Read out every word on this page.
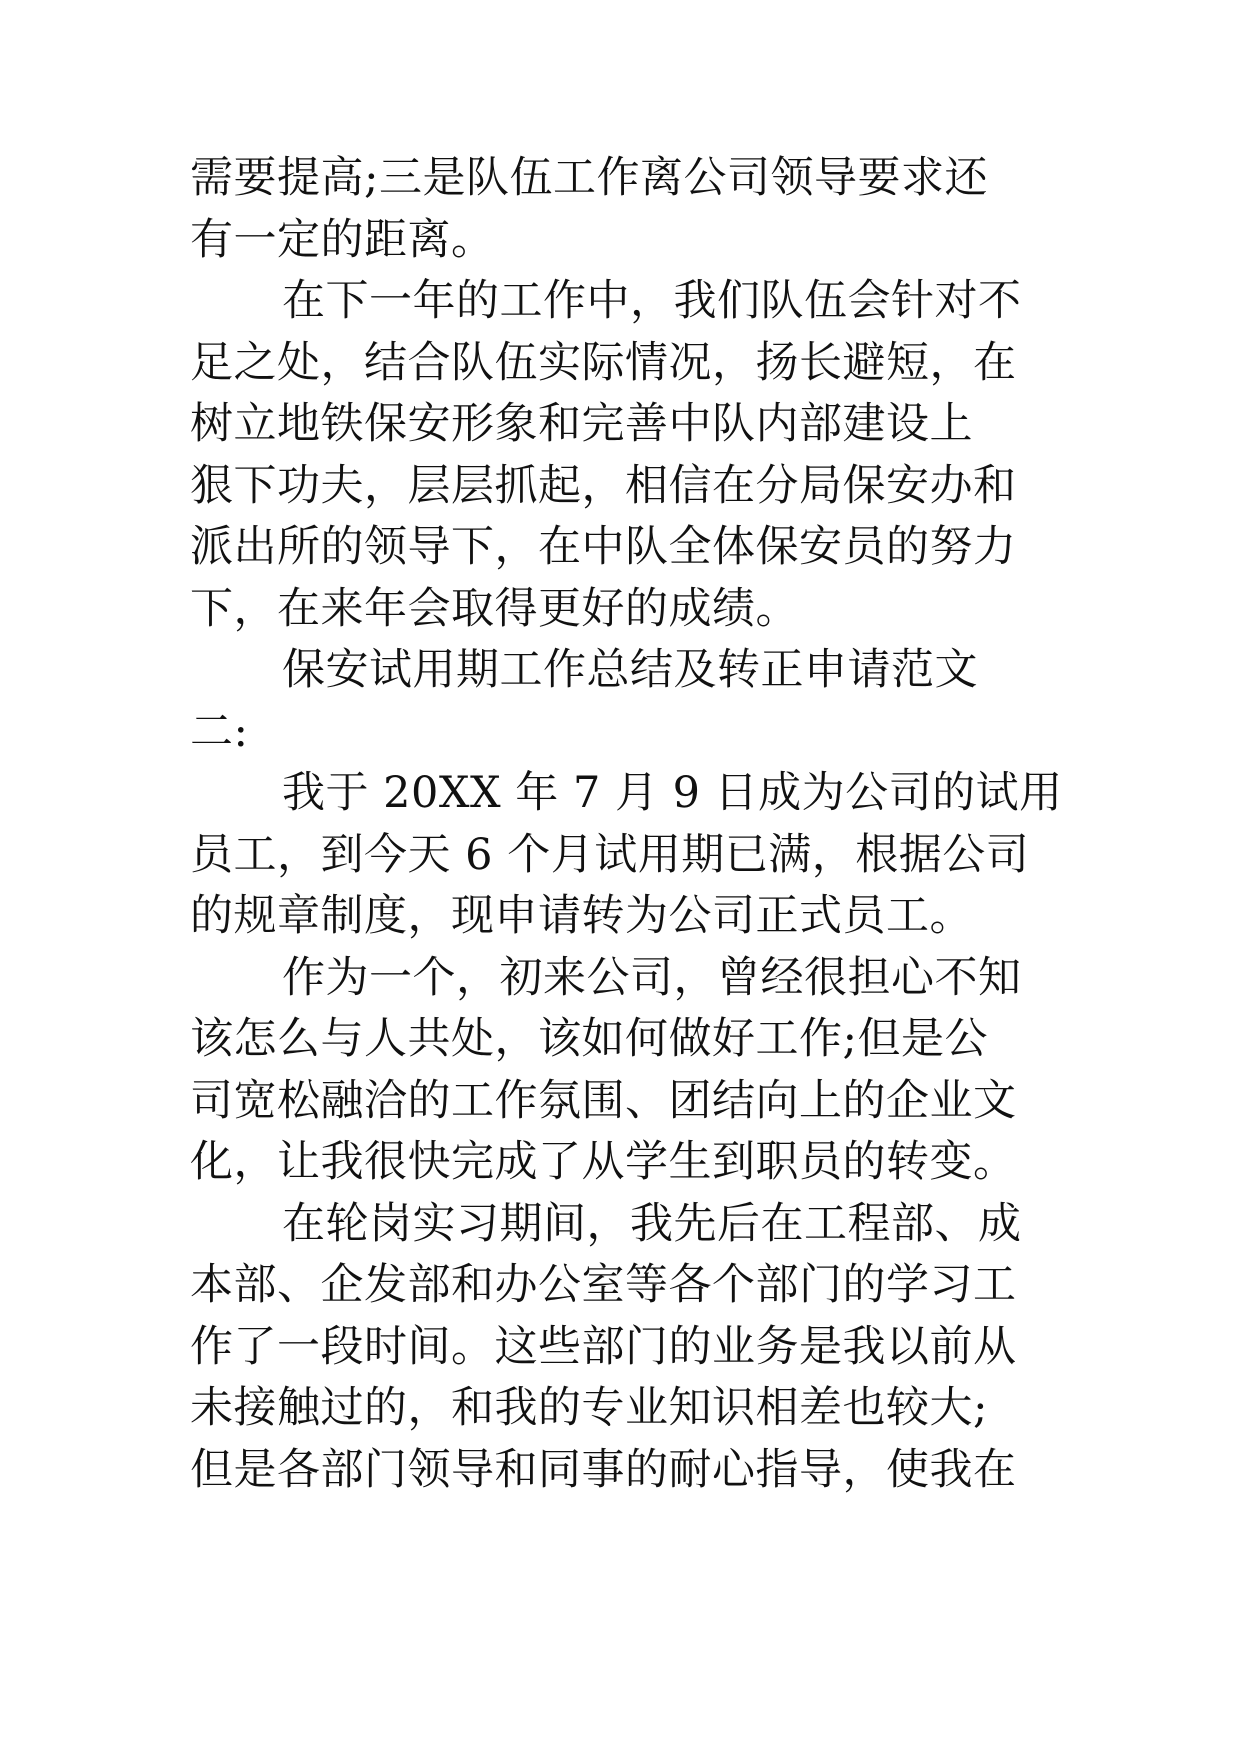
需要提高;三是队伍工作离公司领导要求还
有一定的距离。
在下一年的工作中，我们队伍会针对不
足之处，结合队伍实际情况，扬长避短，在
树立地铁保安形象和完善中队内部建设上
狠下功夫，层层抓起，相信在分局保安办和
派出所的领导下，在中队全体保安员的努力
下，在来年会取得更好的成绩。
保安试用期工作总结及转正申请范文
二:
我于 20XX 年 7 月 9 日成为公司的试用
员工，到今天 6 个月试用期已满，根据公司
的规章制度，现申请转为公司正式员工。
作为一个，初来公司，曾经很担心不知
该怎么与人共处，该如何做好工作;但是公
司宽松融洽的工作氛围、团结向上的企业文
化，让我很快完成了从学生到职员的转变。
在轮岗实习期间，我先后在工程部、成
本部、企发部和办公室等各个部门的学习工
作了一段时间。这些部门的业务是我以前从
未接触过的，和我的专业知识相差也较大;
但是各部门领导和同事的耐心指导，使我在
